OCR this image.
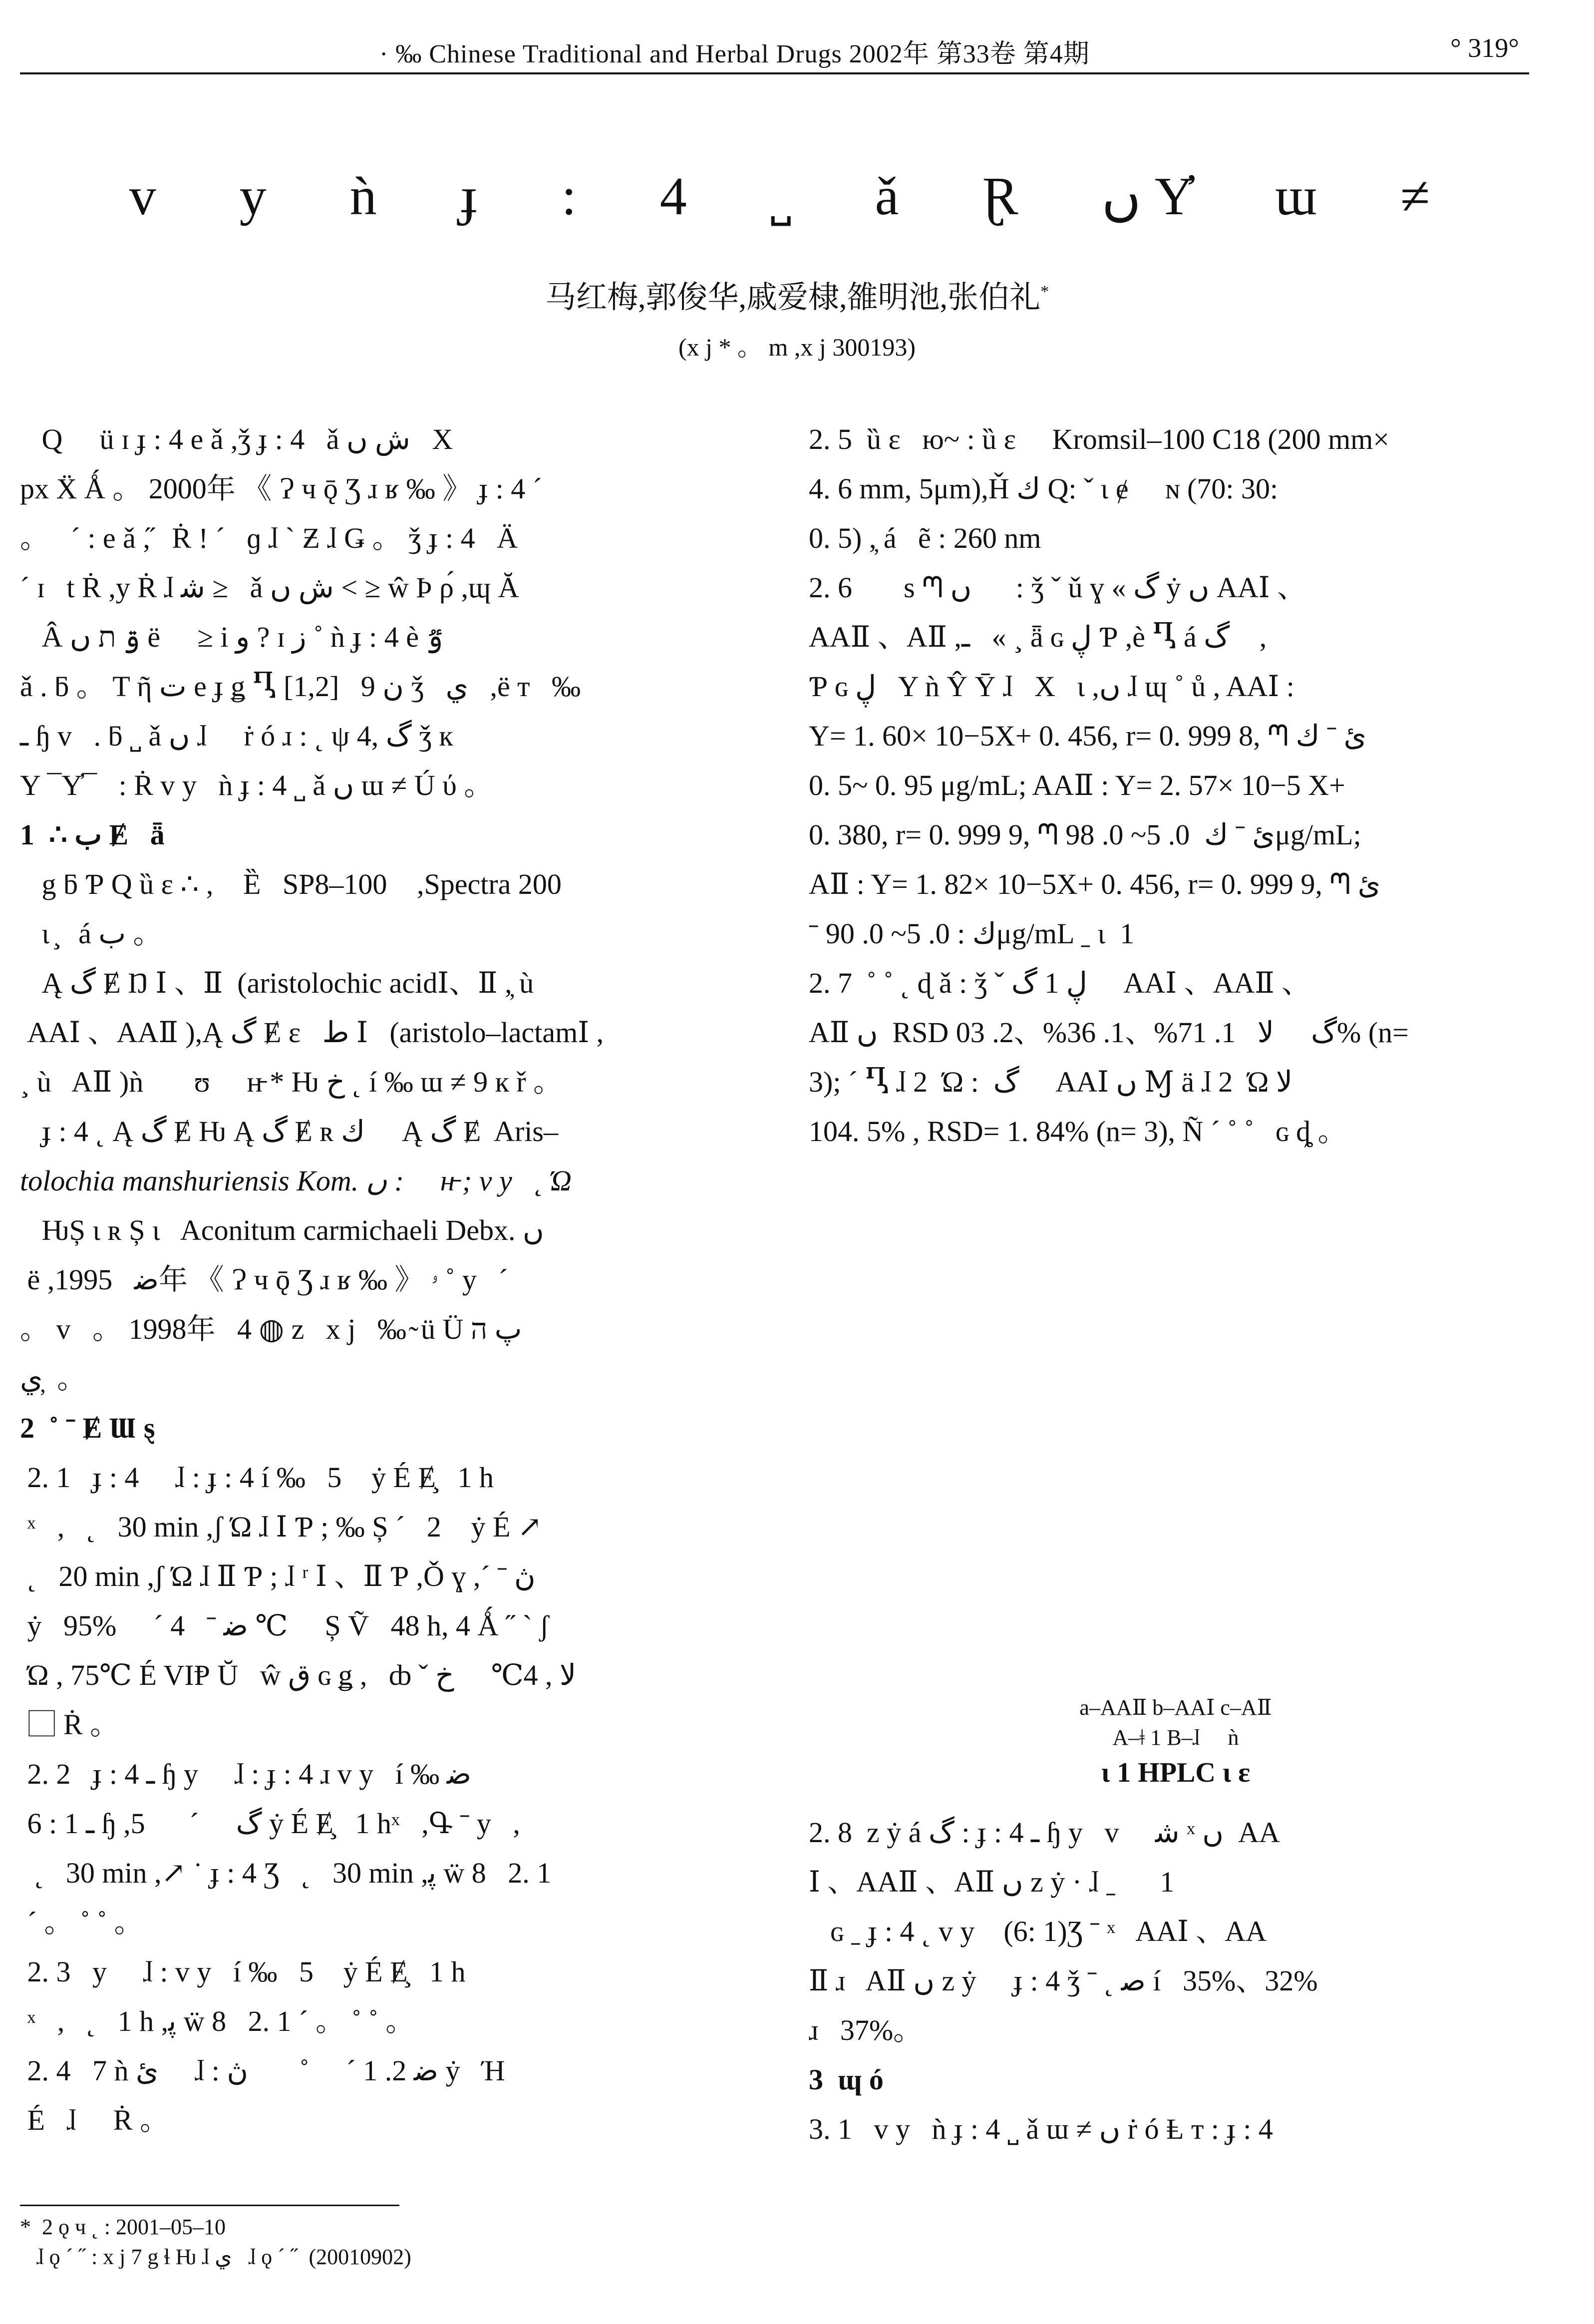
· ‰ Chinese Traditional and Herbal Drugs 2002年 第33卷 第4期	° 319°
v y ǹ ɟ : 4 ˽ ǎ Ɽ ں Y̓ ɯ ≠
马红梅,郭俊华,戚爱棣,雒明池,张伯礼*
(x j * 。 m ,x j 300193)

Q ⃞ ü ɪ ɟ : 4 e ǎ ,ǯ ɟ : 4   ǎ ش ں   X

px Ẍ Ǻ 。 2000年 《 Ɂ ч ǭ Ʒ ɹ ʁ ‰ 》 ɟ : 4 ´

。   ´ : e ǎ ,̋   Ṙ ! ´   ɡ ɺ ˋ Ƶ ɺ Ǥ 。 ǯ ɟ : 4   Ä

´ ɪ   t Ṙ ,y Ṙ ɺ ﺷ ≥   ǎ ﺵ ں < ≥ ŵ Ϸ ρ́ ,ɰ Ă

Â ۊ ת ں ë ⃞ ≥ i و ? ɪ ﺯ ˚ ǹ ɟ : 4 è ٷ

ǎ . ƃ 。 T ῆ ت e ɟ ǥ Ⴂ [1,2]   9 ﻥ ǯ   ي   ,ë т   ‰

ـ ɧ v   . ƃ ˽ ǎ ں ɺ ⃞ ṙ ó ɹ : ˛ ψ گ ,4 ǯ к

Y ¯Y̓¯   : Ṙ v y   ǹ ɟ : 4 ˽ ǎ ں ɯ ≠ Ú ύ 。

1  ∴ ب Ɇ   ǟ

g ƃ Ƥ Q ȕ ɛ ∴ ,⃞ Ȅ   SP8–100⃞ ,Spectra 200

ɩ ̧   á ب 。

Ą گ Ɇ Ŋ Ⅰ 、Ⅱ  (aristolochic acidⅠ、Ⅱ ,̦ ù

AAⅠ 、AAⅡ ),Ą گ Ɇ ɛ   ط Ⅰ   (aristolo–lactamⅠ ,

¸ ù   AⅡ )ǹ       ʊ ⃞ ʜ̵ * Ƕ ﺥ ˛ í ‰ ɯ ≠ 9 к ř 。

ɟ : 4 ˛ Ą گ Ɇ Ƕ Ą گ Ɇ ʀ ﻙ ⃞ Ą گ Ɇ  Aris–

tolochia manshuriensis Kom. ں :     ʜ̵ ; v y   ˛ Ώ

ǶȘ ɩ ʀ Ș ɩ   Aconitum carmichaeli Debx. ں

ë ,ﺿ   1995年 《 Ɂ ч ǭ Ʒ ɹ ʁ ‰ 》 ۥ ˚ y   ´

。 v   。 1998年   4 ◍ z   x j   ‰ ̴ ü Ü پ ה

ي ̦ 。

2  ˚ ˉ Ɇ Ɯ ȿ

2. 1   ɟ : 4     ɺ : ɟ : 4 í ‰   5⃞ ẏ É Ɇ̧   1 h

ˣ   ,   ˛   30 min ,ʃ Ώ ɺ Ⅰ Ƥ ; ‰ Ș ´   2⃞ ẏ É ↗

˛   20 min ,ʃ Ώ ɺ Ⅱ Ƥ ; ɺ ʳ Ⅰ 、Ⅱ Ƥ ,Ǒ ɣ ,´ ˉ ڽ

ẏ   95% ⃞ ´ ﺿ ˉ   4 ℃ ⃞ Ș Ṽ   48 h, 4 Ǻ ˝ ` ʃ

Ώ , 75℃ É VIⱣ Ŭ   ŵ ق ɢ ǥ ,   ȸ ˇ ﻻ , 4℃ ⃞ خ

⃞ Ṙ 。

2. 2   ɟ : 4 ـ ɧ y     ɺ : ɟ : 4 ɹ v y   í ‰ ﺿ

6 : 1 ـ ɧ ,گ ⃞ ´   5⃞ ẏ É Ɇ̧   1 hˣ   ,Գ ˉ y   ,

˛   30 min ,↗ ˙ ɟ : 4 Ʒ   ˛   30 min ,ﭘ ẅ 8   2. 1

´ 。 ˚ ˚ 。

2. 3   y     ɺ : v y   í ‰   5⃞ ẏ É Ɇ̧   1 h

ˣ   ,   ˛   1 h ,ﭘ ẅ 8   2. 1 ´ 。 ˚ ˚ 。

2. 4   7 ǹ ئ     ɺ : ﺿ 2. 1 ´ 。 ˚   ⃞ ڽ ẏ   Ή

É   ɺ ⃞ Ṙ 。

2. 5  ȕ ɛ   ю~ : ȕ ɛ     Kromsil–100 C18 (200 mm×

4. 6 mm, 5μm),Ȟ ﻙ Q: ˇ ɩ ɇ ⃞ ɴ (70: 30:

0. 5) ,̦ á   ẽ : 260 nm

2. 6  ⃞  s ᘉ ں  ⃞ : ǯ ˇ ǔ ɣ « گ ẏ ں AAⅠ 、

AAⅡ 、AⅡ ,ـ   « ¸ ǟ ɢ ڸ Ƥ ,è Ⴂ á گ ,⃞

Ƥ ɢ ڸ   Y ǹ Ŷ Ȳ ɺ   X   ɩ ,ں ɺ ɰ ˚ ů , AAⅠ :

Y= 1. 60× 10−5X+ 0. 456, r= 0. 999 8, ᘉ ئ ˉ ﻙ

0. 5~ 0. 95 μg/mL; AAⅡ : Y= 2. 57× 10−5 X+

0. 380, r= 0. 999 9, ᘉ ئ ˉ ﻙ  0. 5~ 0. 98μg/mL;

AⅡ : Y= 1. 82× 10−5X+ 0. 456, r= 0. 999 9, ᘉ ئ

ˉ ﻙ : 0. 5~ 0. 90μg/mL ˍ ɩ  1

2. 7  ˚ ˚ ˛ ɖ ǎ : ǯ ˇ ڸ 1 گ     AAⅠ 、AAⅡ 、

AⅡ ں  RSD گ ⃞ ﻻ   1. 71%、1. 36%、2. 03% (n=

3); ´ Ⴂ ɺ 2  Ώ :  گ     AAⅠ ں Ɱ ä ɺ 2  Ώ ﻻ

104. 5% , RSD= 1. 84% (n= 3), Ñ ´ ˚ ˚   ɢ ȡ 。

a–AAⅡ b–AAⅠ c–AⅡ
A–ǂ 1 B–ɺ ⃞ ǹ
ɩ 1 HPLC ɩ ɛ

2. 8  z ẏ á گ : ɟ : 4 ـ ɧ y   v     ﺷ ˣ ں  AA

Ⅰ 、AAⅡ 、AⅡ ں z ẏ · ɺ ˍ ⃞  1

ɢ ˍ ɟ : 4 ˛ v y    (6: 1)Ʒ ˉ ˣ   AAⅠ 、AA

Ⅱ ɹ   AⅡ ں z ẏ ⃞ ɟ : 4 ǯ ˉ ˛ ﺻ í   35%、32%

ɹ   37%。

3  ɰ ó

3. 1   v y   ǹ ɟ : 4 ˽ ǎ ɯ ≠ ں ṙ ó Ⱡ т : ɟ : 4

*  2 ǫ ч ˛ : 2001–05–10

ɺ ǫ ´ ˝ : x j 7 g ɬ Ƕ ɺ ي   ɺ ǫ ´ ˝  (20010902)
